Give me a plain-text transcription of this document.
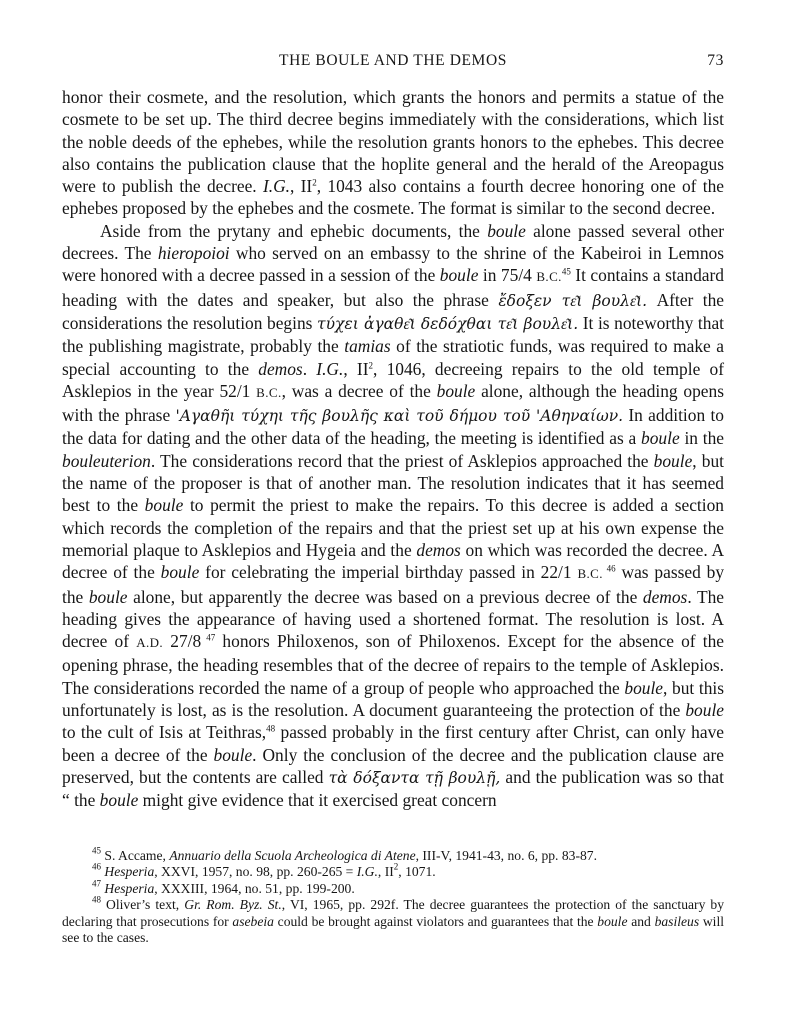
THE BOULE AND THE DEMOS	73

honor their cosmete, and the resolution, which grants the honors and permits a statue of the cosmete to be set up. The third decree begins immediately with the considerations, which list the noble deeds of the ephebes, while the resolution grants honors to the ephebes. This decree also contains the publication clause that the hoplite general and the herald of the Areopagus were to publish the decree. I.G., $II^2$, 1043 also contains a fourth decree honoring one of the ephebes proposed by the ephebes and the cosmete. The format is similar to the second decree.

Aside from the prytany and ephebic documents, the boule alone passed several other decrees. The hieropoioi who served on an embassy to the shrine of the Kabeiroi in Lemnos were honored with a decree passed in a session of the boule in 75/4 B.C.$^{45}$ It contains a standard heading with the dates and speaker, but also the phrase ἔδοξεν τε͂ι βουλε͂ι. After the considerations the resolution begins τύχει ἀγαθε͂ι δεδόχθαι τε͂ι βουλε͂ι. It is noteworthy that the publishing magistrate, probably the tamias of the stratiotic funds, was required to make a special accounting to the demos. I.G., $II^2$, 1046, decreeing repairs to the old temple of Asklepios in the year 52/1 B.C., was a decree of the boule alone, although the heading opens with the phrase 'Αγαθῆι τύχηι τῆς βουλῆς καὶ τοῦ δήμου τοῦ 'Αθηναίων. In addition to the data for dating and the other data of the heading, the meeting is identified as a boule in the bouleuterion. The considerations record that the priest of Asklepios approached the boule, but the name of the proposer is that of another man. The resolution indicates that it has seemed best to the boule to permit the priest to make the repairs. To this decree is added a section which records the completion of the repairs and that the priest set up at his own expense the memorial plaque to Asklepios and Hygeia and the demos on which was recorded the decree. A decree of the boule for celebrating the imperial birthday passed in 22/1 B.C. $^{46}$ was passed by the boule alone, but apparently the decree was based on a previous decree of the demos. The heading gives the appearance of having used a shortened format. The resolution is lost. A decree of A.D. 27/8 $^{47}$ honors Philoxenos, son of Philoxenos. Except for the absence of the opening phrase, the heading resembles that of the decree of repairs to the temple of Asklepios. The considerations recorded the name of a group of people who approached the boule, but this unfortunately is lost, as is the resolution. A document guaranteeing the protection of the boule to the cult of Isis at Teithras,$^{48}$ passed probably in the first century after Christ, can only have been a decree of the boule. Only the conclusion of the decree and the publication clause are preserved, but the contents are called τὰ δόξαντα τῇ βουλῇ, and the publication was so that “ the boule might give evidence that it exercised great concern

$^{45}$ S. Accame, Annuario della Scuola Archeologica di Atene, III-V, 1941-43, no. 6, pp. 83-87.
$^{46}$ Hesperia, XXVI, 1957, no. 98, pp. 260-265 = I.G., $II^2$, 1071.
$^{47}$ Hesperia, XXXIII, 1964, no. 51, pp. 199-200.
$^{48}$ Oliver’s text, Gr. Rom. Byz. St., VI, 1965, pp. 292f. The decree guarantees the protection of the sanctuary by declaring that prosecutions for asebeia could be brought against violators and guarantees that the boule and basileus will see to the cases.
